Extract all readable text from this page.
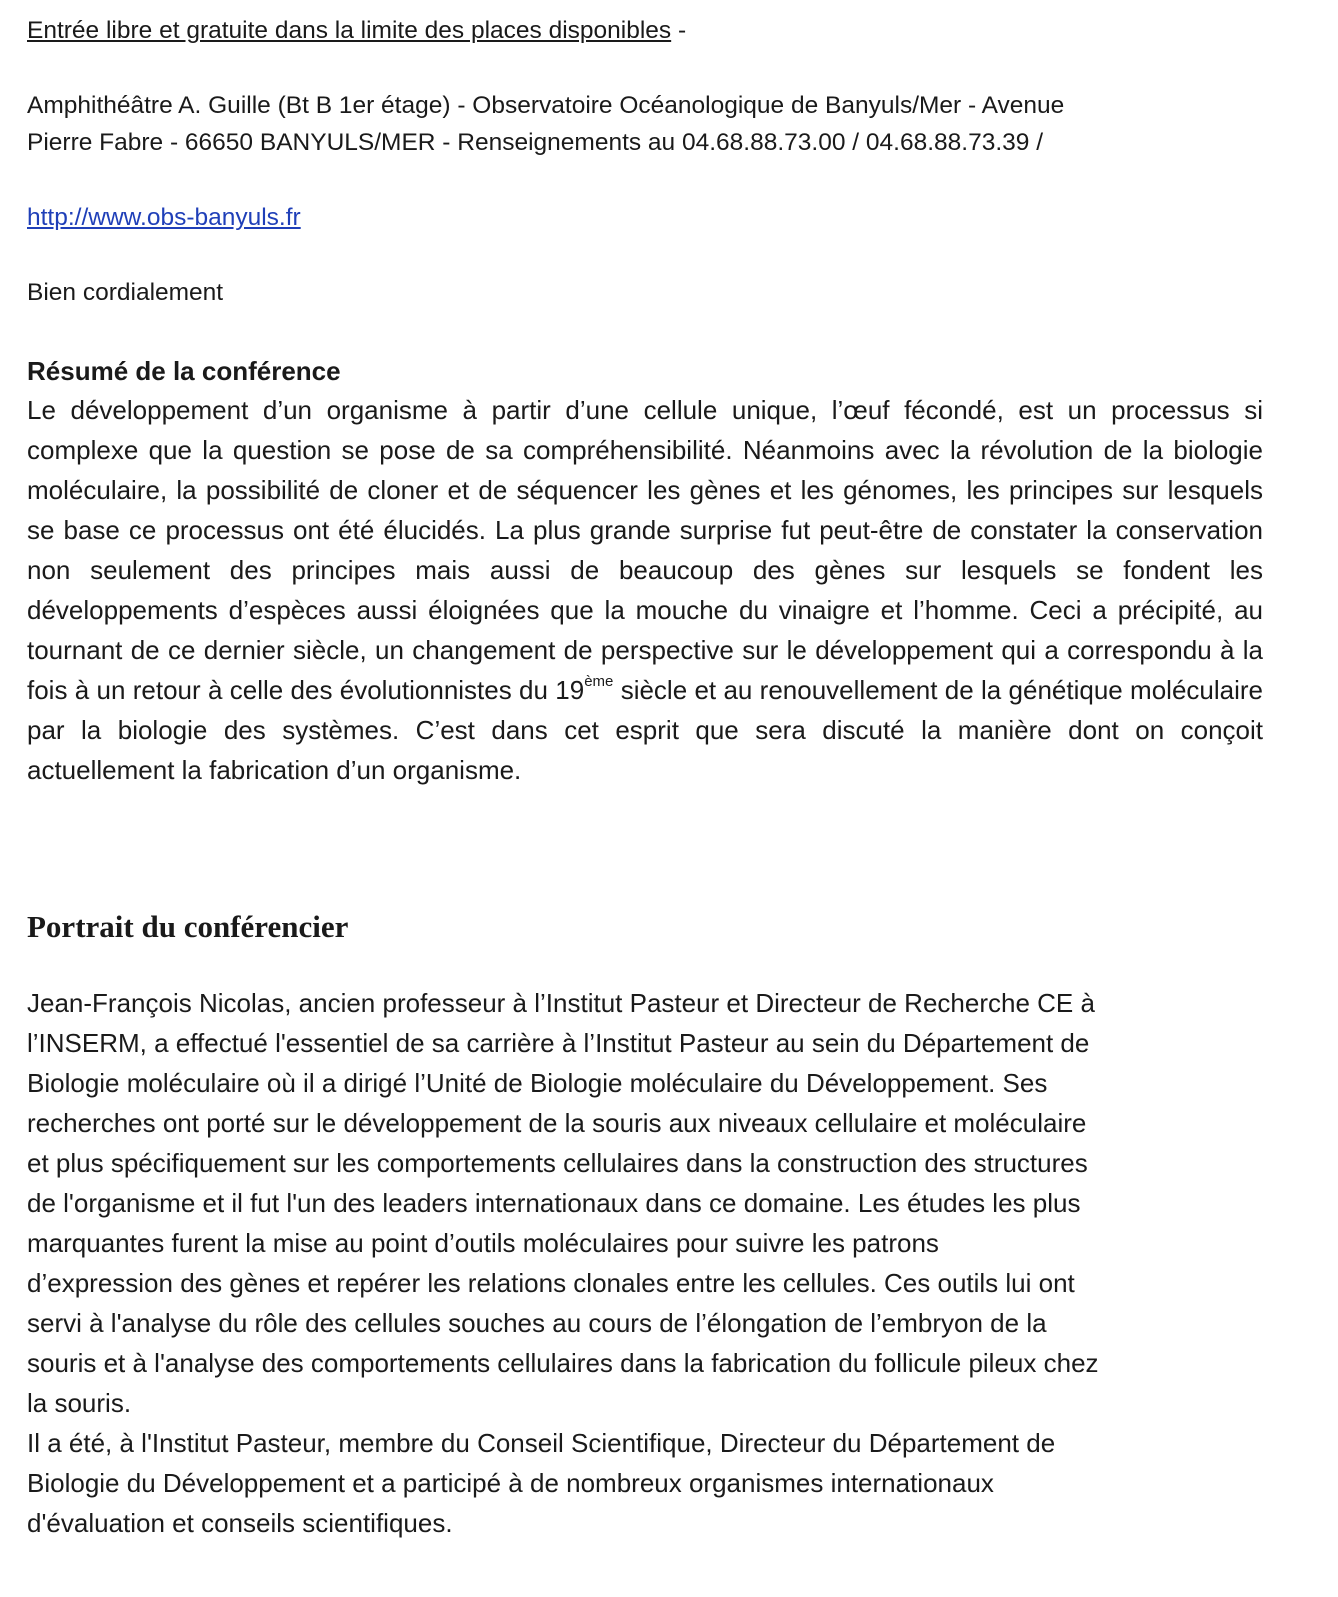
Entrée libre et gratuite dans la limite des places disponibles -
Amphithéâtre A. Guille (Bt B 1er étage) - Observatoire Océanologique de Banyuls/Mer - Avenue
Pierre Fabre - 66650 BANYULS/MER - Renseignements au 04.68.88.73.00 / 04.68.88.73.39 /
http://www.obs-banyuls.fr
Bien cordialement
Résumé de la conférence

Le développement d’un organisme à partir d’une cellule unique, l’œuf fécondé, est un processus si complexe que la question se pose de sa compréhensibilité. Néanmoins avec la révolution de la biologie moléculaire, la possibilité de cloner et de séquencer les gènes et les génomes, les principes sur lesquels se base ce processus ont été élucidés. La plus grande surprise fut peut-être de constater la conservation non seulement des principes mais aussi de beaucoup des gènes sur lesquels se fondent les développements d’espèces aussi éloignées que la mouche du vinaigre et l’homme. Ceci a précipité, au tournant de ce dernier siècle, un changement de perspective sur le développement qui a correspondu à la fois à un retour à celle des évolutionnistes du 19ème siècle et au renouvellement de la génétique moléculaire par la biologie des systèmes. C’est dans cet esprit que sera discuté la manière dont on conçoit actuellement la fabrication d’un organisme.

Portrait du conférencier

Jean-François Nicolas, ancien professeur à l’Institut Pasteur et Directeur de Recherche CE à
l’INSERM, a effectué l'essentiel de sa carrière à l’Institut Pasteur au sein du Département de
Biologie moléculaire où il a dirigé l’Unité de Biologie moléculaire du Développement. Ses
recherches ont porté sur le développement de la souris aux niveaux cellulaire et moléculaire
et plus spécifiquement sur les comportements cellulaires dans la construction des structures
de l'organisme et il fut l'un des leaders internationaux dans ce domaine. Les études les plus
marquantes furent la mise au point d’outils moléculaires pour suivre les patrons
d’expression des gènes et repérer les relations clonales entre les cellules. Ces outils lui ont
servi à l'analyse du rôle des cellules souches au cours de l’élongation de l’embryon de la
souris et à l'analyse des comportements cellulaires dans la fabrication du follicule pileux chez
la souris.
Il a été, à l'Institut Pasteur, membre du Conseil Scientifique, Directeur du Département de
Biologie du Développement et a participé à de nombreux organismes internationaux
d'évaluation et conseils scientifiques.
